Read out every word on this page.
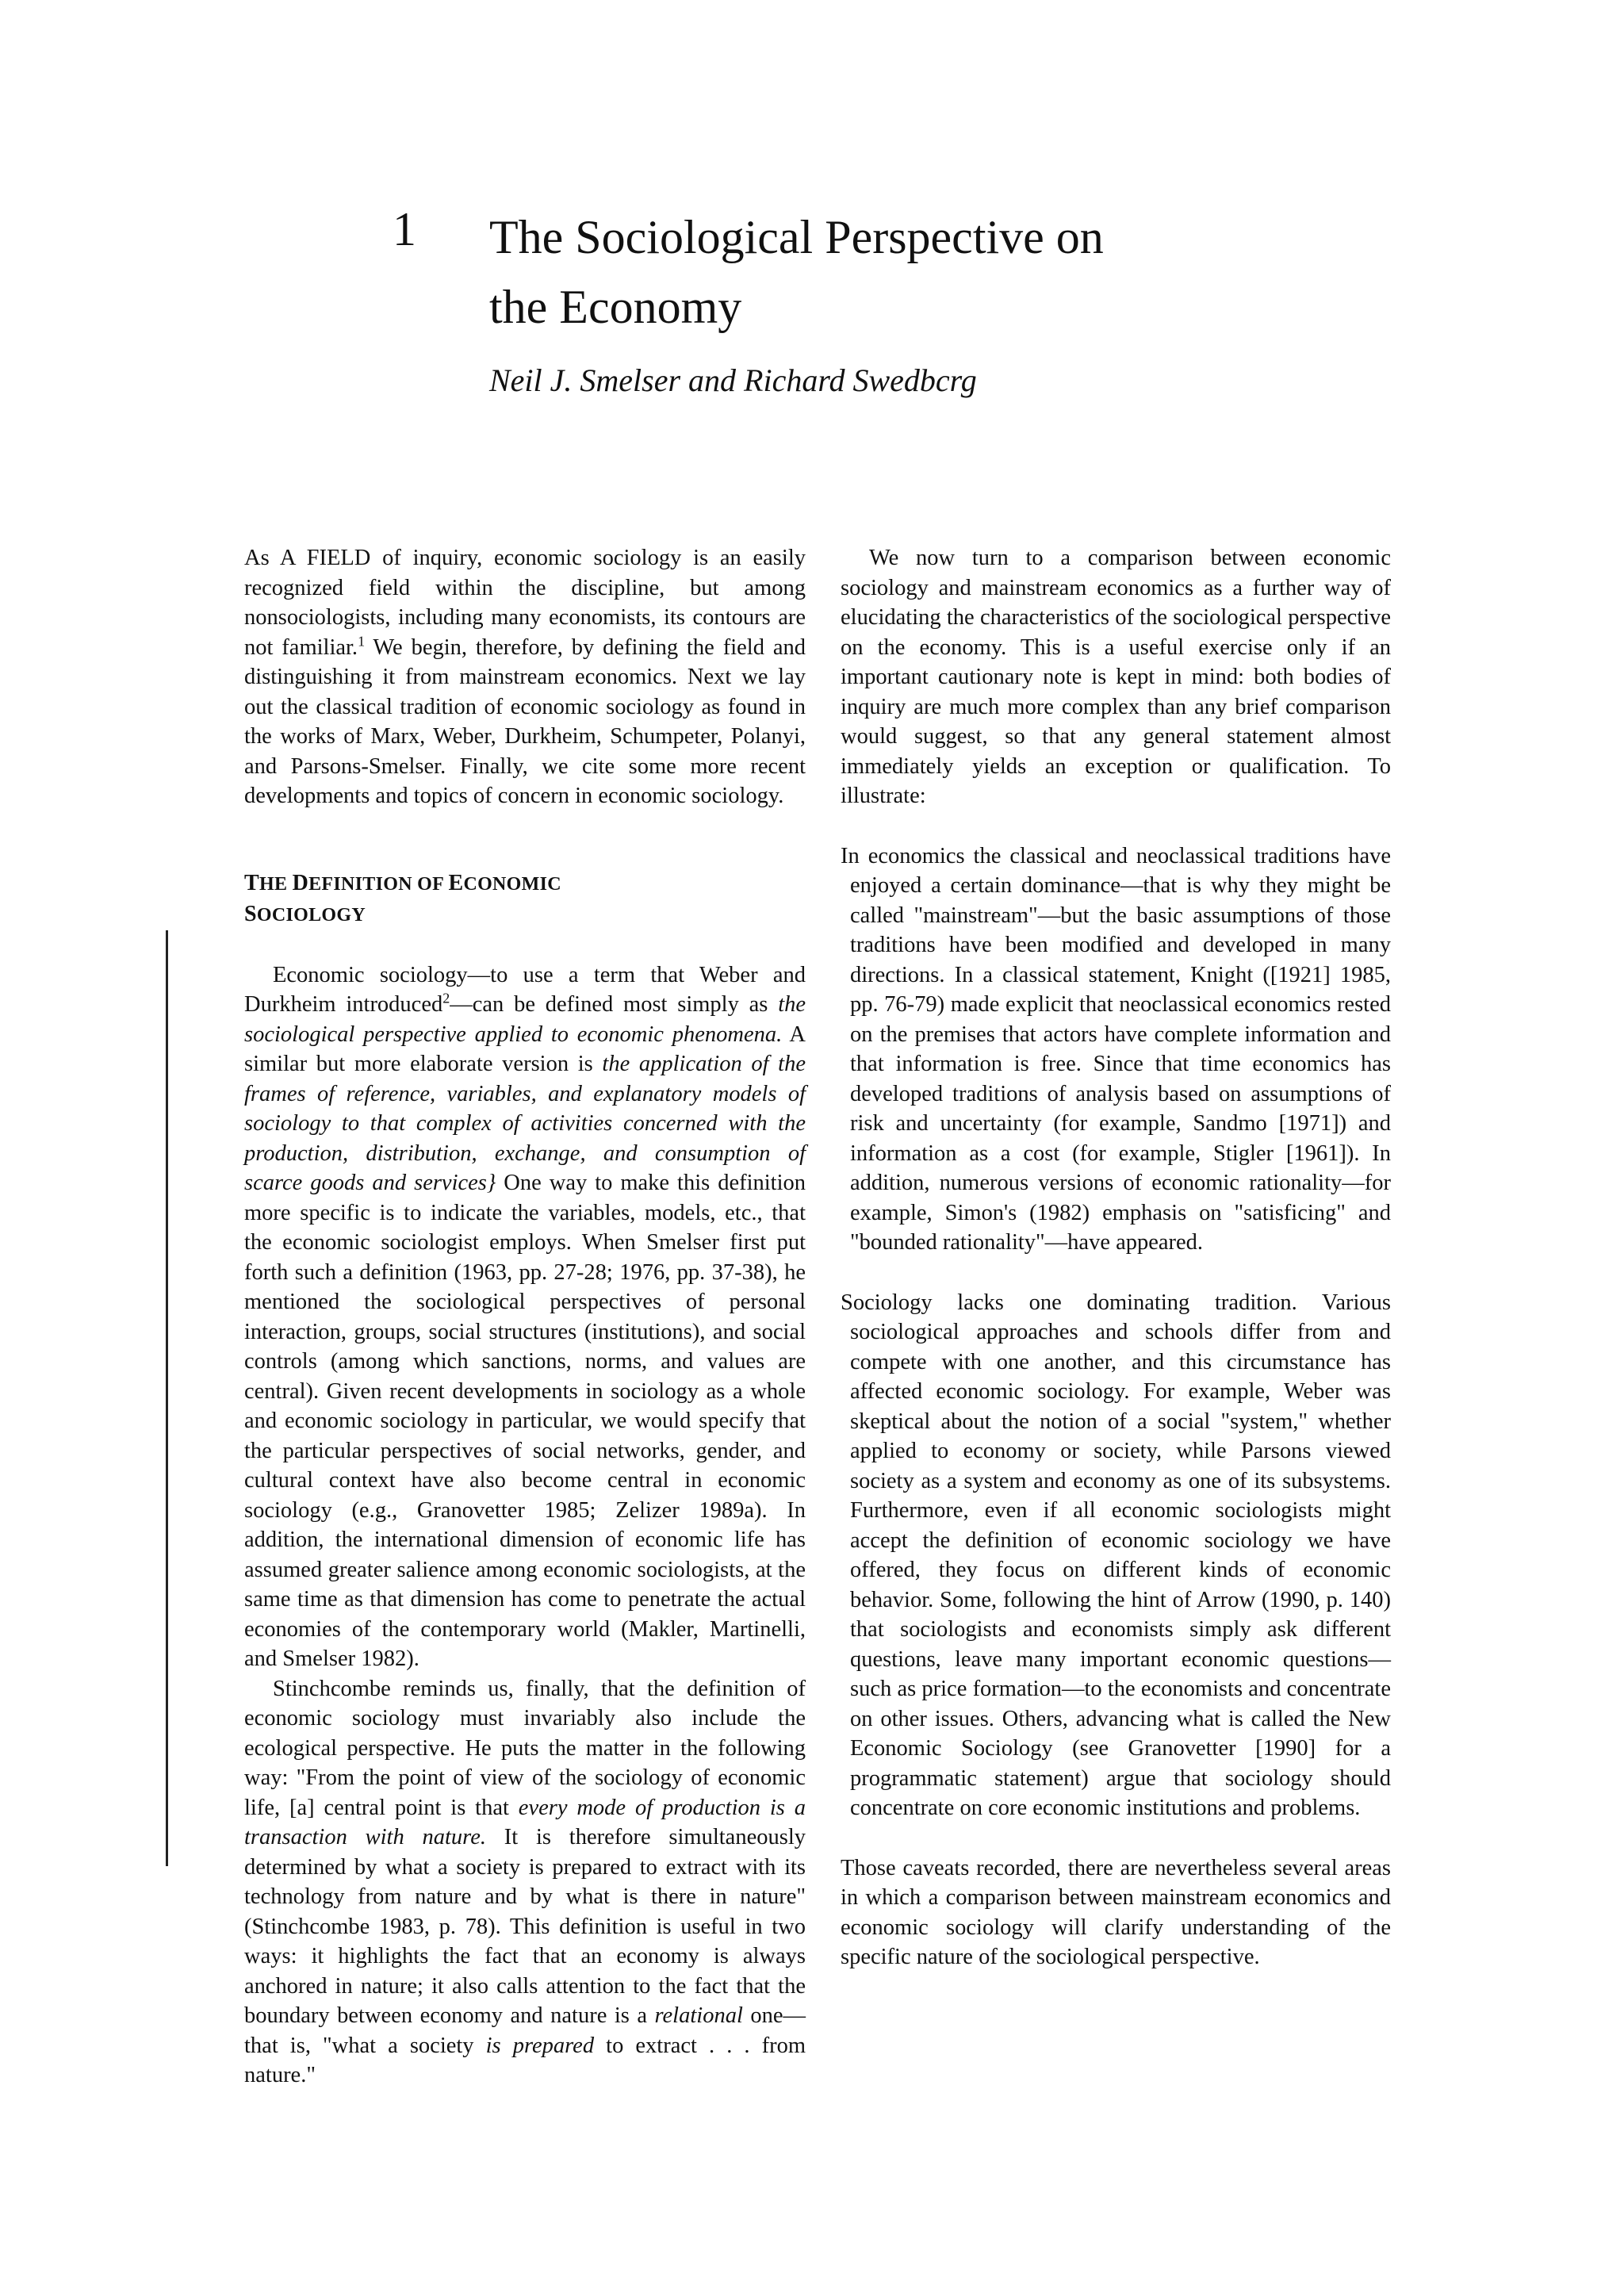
1 The Sociological Perspective on
the Economy
Neil J. Smelser and Richard Swedbcrg

As A FIELD of inquiry, economic sociology is an easily recognized field within the discipline, but among nonsociologists, including many economists, its contours are not familiar.$^1$ We begin, therefore, by defining the field and distinguishing it from mainstream economics. Next we lay out the classical tradition of economic sociology as found in the works of Marx, Weber, Durkheim, Schumpeter, Polanyi, and Parsons-Smelser. Finally, we cite some more recent developments and topics of concern in economic sociology.

THE DEFINITION OF ECONOMIC
SOCIOLOGY

Economic sociology—to use a term that Weber and Durkheim introduced$^2$—can be defined most simply as the sociological perspective applied to economic phenomena. A similar but more elaborate version is the application of the frames of reference, variables, and explanatory models of sociology to that complex of activities concerned with the production, distribution, exchange, and consumption of scarce goods and services} One way to make this definition more specific is to indicate the variables, models, etc., that the economic sociologist employs. When Smelser first put forth such a definition (1963, pp. 27-28; 1976, pp. 37-38), he mentioned the sociological perspectives of personal interaction, groups, social structures (institutions), and social controls (among which sanctions, norms, and values are central). Given recent developments in sociology as a whole and economic sociology in particular, we would specify that the particular perspectives of social networks, gender, and cultural context have also become central in economic sociology (e.g., Granovetter 1985; Zelizer 1989a). In addition, the international dimension of economic life has assumed greater salience among economic sociologists, at the same time as that dimension has come to penetrate the actual economies of the contemporary world (Makler, Martinelli, and Smelser 1982).

Stinchcombe reminds us, finally, that the definition of economic sociology must invariably also include the ecological perspective. He puts the matter in the following way: "From the point of view of the sociology of economic life, [a] central point is that every mode of production is a transaction with nature. It is therefore simultaneously determined by what a society is prepared to extract with its technology from nature and by what is there in nature" (Stinchcombe 1983, p. 78). This definition is useful in two ways: it highlights the fact that an economy is always anchored in nature; it also calls attention to the fact that the boundary between economy and nature is a relational one—that is, "what a society is prepared to extract . . . from nature."

We now turn to a comparison between economic sociology and mainstream economics as a further way of elucidating the characteristics of the sociological perspective on the economy. This is a useful exercise only if an important cautionary note is kept in mind: both bodies of inquiry are much more complex than any brief comparison would suggest, so that any general statement almost immediately yields an exception or qualification. To illustrate:

In economics the classical and neoclassical traditions have enjoyed a certain dominance—that is why they might be called "mainstream"—but the basic assumptions of those traditions have been modified and developed in many directions. In a classical statement, Knight ([1921] 1985, pp. 76-79) made explicit that neoclassical economics rested on the premises that actors have complete information and that information is free. Since that time economics has developed traditions of analysis based on assumptions of risk and uncertainty (for example, Sandmo [1971]) and information as a cost (for example, Stigler [1961]). In addition, numerous versions of economic rationality—for example, Simon's (1982) emphasis on "satisficing" and "bounded rationality"—have appeared.

Sociology lacks one dominating tradition. Various sociological approaches and schools differ from and compete with one another, and this circumstance has affected economic sociology. For example, Weber was skeptical about the notion of a social "system," whether applied to economy or society, while Parsons viewed society as a system and economy as one of its subsystems. Furthermore, even if all economic sociologists might accept the definition of economic sociology we have offered, they focus on different kinds of economic behavior. Some, following the hint of Arrow (1990, p. 140) that sociologists and economists simply ask different questions, leave many important economic questions—such as price formation—to the economists and concentrate on other issues. Others, advancing what is called the New Economic Sociology (see Granovetter [1990] for a programmatic statement) argue that sociology should concentrate on core economic institutions and problems.

Those caveats recorded, there are nevertheless several areas in which a comparison between mainstream economics and economic sociology will clarify understanding of the specific nature of the sociological perspective.
